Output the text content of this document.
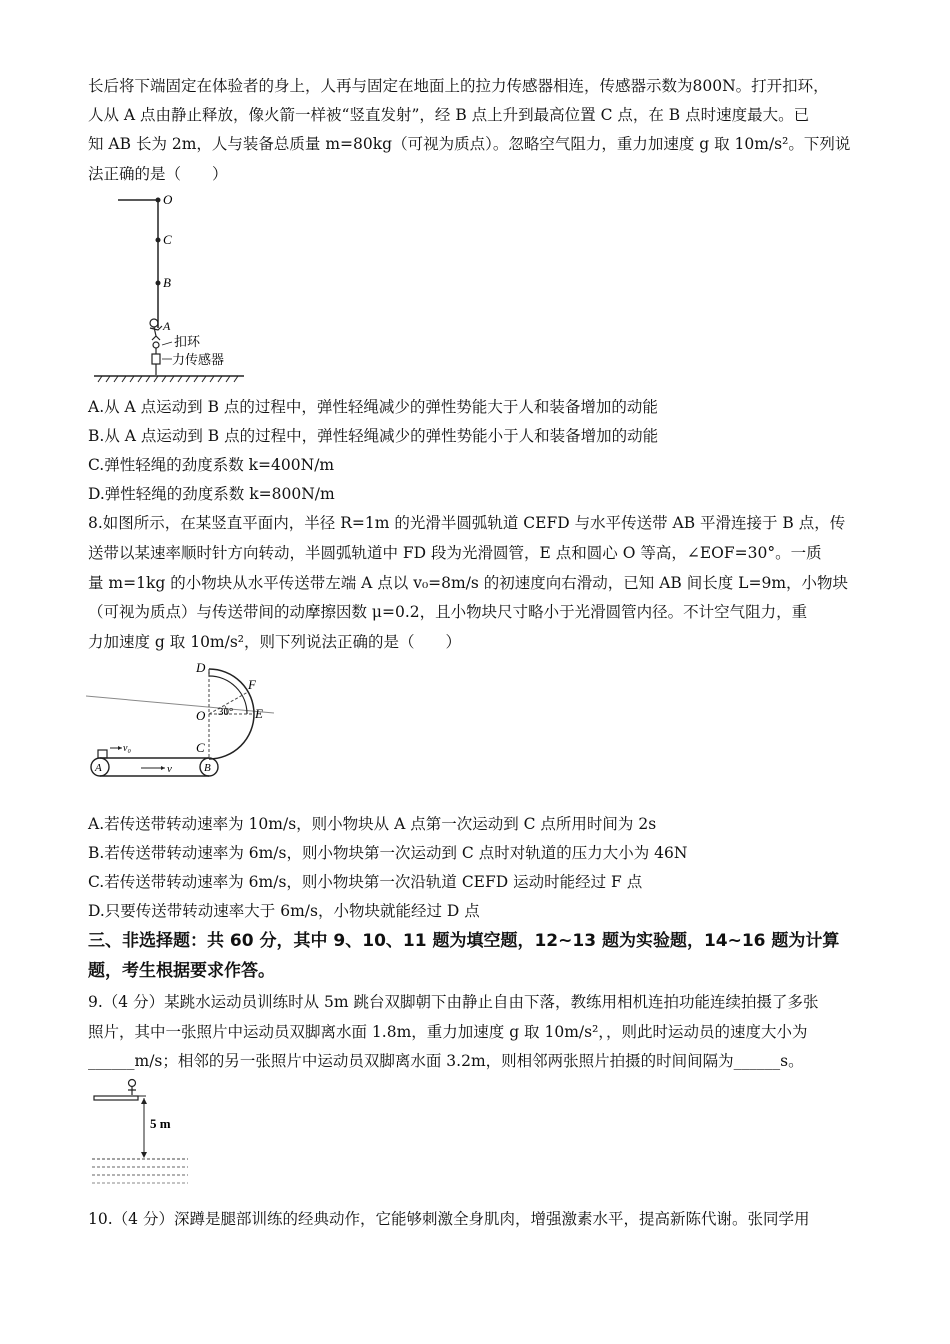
长后将下端固定在体验者的身上，人再与固定在地面上的拉力传感器相连，传感器示数为800N。打开扣环，
人从 A 点由静止释放，像火箭一样被“竖直发射”，经 B 点上升到最高位置 C 点，在 B 点时速度最大。已
知 AB 长为 2m，人与装备总质量 m=80kg（可视为质点）。忽略空气阻力，重力加速度 g 取 10m/s²。下列说
法正确的是（　　）
O
C
B
A
扣环
力传感器
A.从 A 点运动到 B 点的过程中，弹性轻绳减少的弹性势能大于人和装备增加的动能
B.从 A 点运动到 B 点的过程中，弹性轻绳减少的弹性势能小于人和装备增加的动能
C.弹性轻绳的劲度系数 k=400N/m
D.弹性轻绳的劲度系数 k=800N/m
8.如图所示，在某竖直平面内，半径 R=1m 的光滑半圆弧轨道 CEFD 与水平传送带 AB 平滑连接于 B 点，传
送带以某速率顺时针方向转动，半圆弧轨道中 FD 段为光滑圆管，E 点和圆心 O 等高，∠EOF=30°。一质
量 m=1kg 的小物块从水平传送带左端 A 点以 v₀=8m/s 的初速度向右滑动，已知 AB 间长度 L=9m，小物块
（可视为质点）与传送带间的动摩擦因数 μ=0.2，且小物块尺寸略小于光滑圆管内径。不计空气阻力，重
力加速度 g 取 10m/s²，则下列说法正确的是（　　）
30°
D
F
O	E
C
A	B
v₀
v
A.若传送带转动速率为 10m/s，则小物块从 A 点第一次运动到 C 点所用时间为 2s
B.若传送带转动速率为 6m/s，则小物块第一次运动到 C 点时对轨道的压力大小为 46N
C.若传送带转动速率为 6m/s，则小物块第一次沿轨道 CEFD 运动时能经过 F 点
D.只要传送带转动速率大于 6m/s，小物块就能经过 D 点
三、非选择题：共 60 分，其中 9、10、11 题为填空题，12~13 题为实验题，14~16 题为计算
题，考生根据要求作答。
9.（4 分）某跳水运动员训练时从 5m 跳台双脚朝下由静止自由下落，教练用相机连拍功能连续拍摄了多张
照片，其中一张照片中运动员双脚离水面 1.8m，重力加速度 g 取 10m/s²，，则此时运动员的速度大小为
______m/s；相邻的另一张照片中运动员双脚离水面 3.2m，则相邻两张照片拍摄的时间间隔为______s。
5 m
10.（4 分）深蹲是腿部训练的经典动作，它能够刺激全身肌肉，增强激素水平，提高新陈代谢。张同学用
